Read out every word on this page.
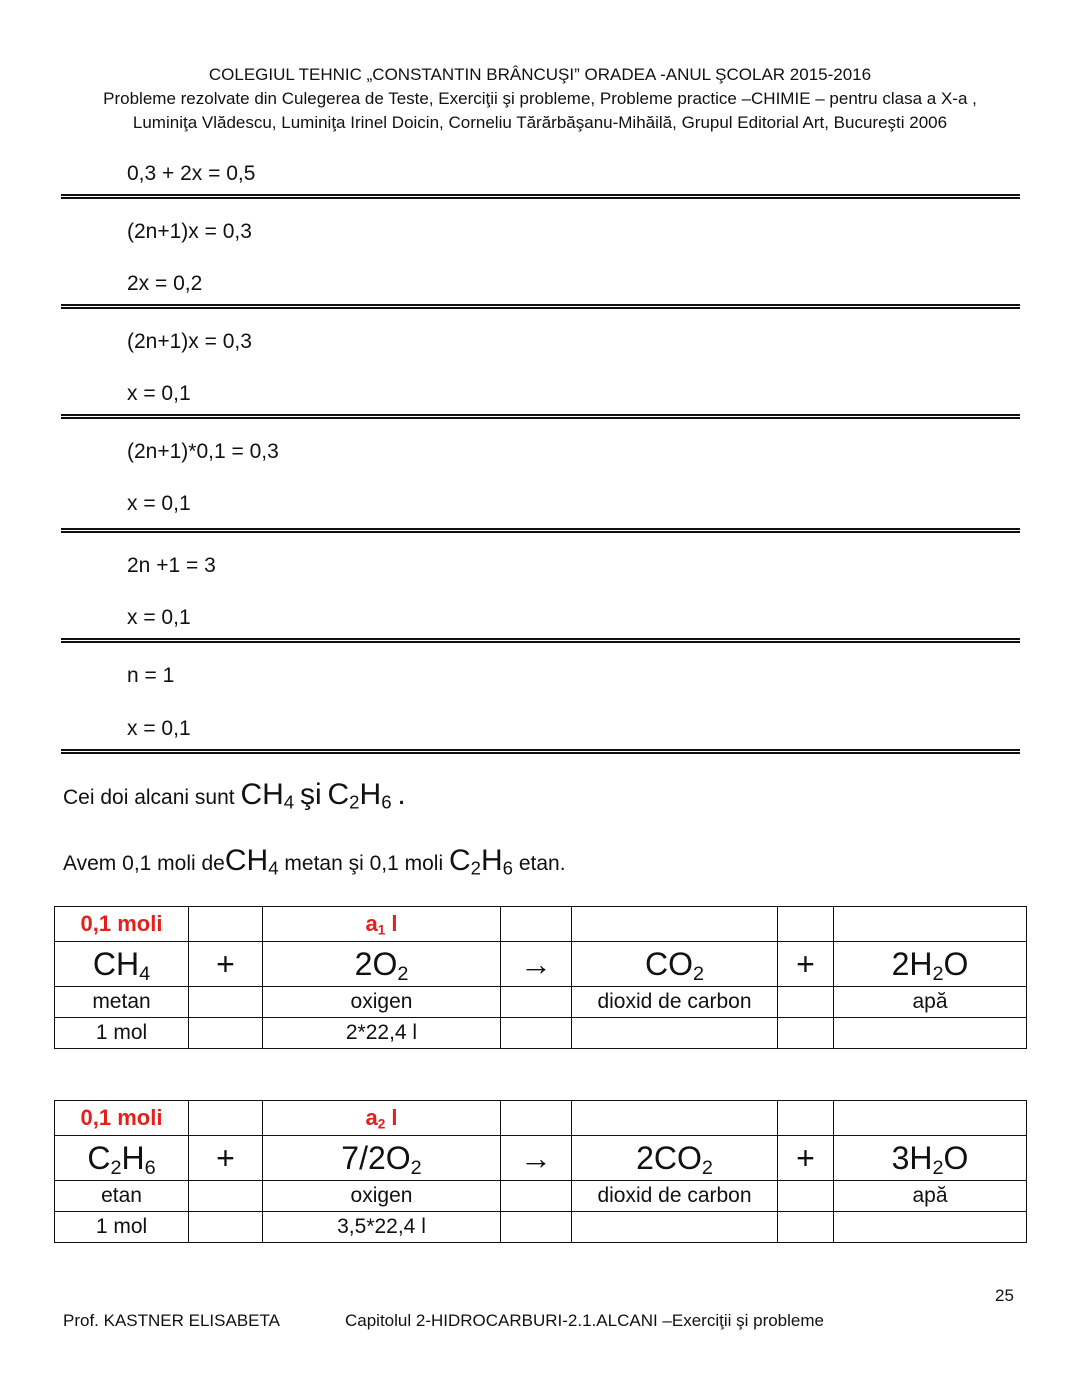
COLEGIUL TEHNIC „CONSTANTIN BRÂNCUŞI” ORADEA -ANUL ŞCOLAR 2015-2016
Probleme rezolvate din Culegerea de Teste, Exerciţii şi probleme, Probleme practice –CHIMIE – pentru clasa a X-a ,
Luminiţa Vlădescu, Luminiţa Irinel Doicin, Corneliu Tărărbăşanu-Mihăilă, Grupul Editorial Art, Bucureşti 2006
0,3 + 2x = 0,5
(2n+1)x = 0,3
2x = 0,2
(2n+1)x = 0,3
x = 0,1
(2n+1)*0,1 = 0,3
x = 0,1
2n +1 = 3
x = 0,1
n = 1
x = 0,1
Cei doi alcani sunt $CH_4$ şi $C_2H_6$ .
Avem 0,1 moli deCH$_4$ metan şi 0,1 moli $C_2H_6$ etan.
0,1 moli		$a_1$ l				
$CH_4$	+	$2O_2$	→	$CO_2$	+	$2H_2O$
metan		oxigen		dioxid de carbon		apă
1 mol		2*22,4 l				
0,1 moli		$a_2$ l				
$C_2H_6$	+	$7/2O_2$	→	$2CO_2$	+	$3H_2O$
etan		oxigen		dioxid de carbon		apă
1 mol		3,5*22,4 l				
25
Prof. KASTNER ELISABETA	Capitolul 2-HIDROCARBURI-2.1.ALCANI –Exerciţii şi probleme
